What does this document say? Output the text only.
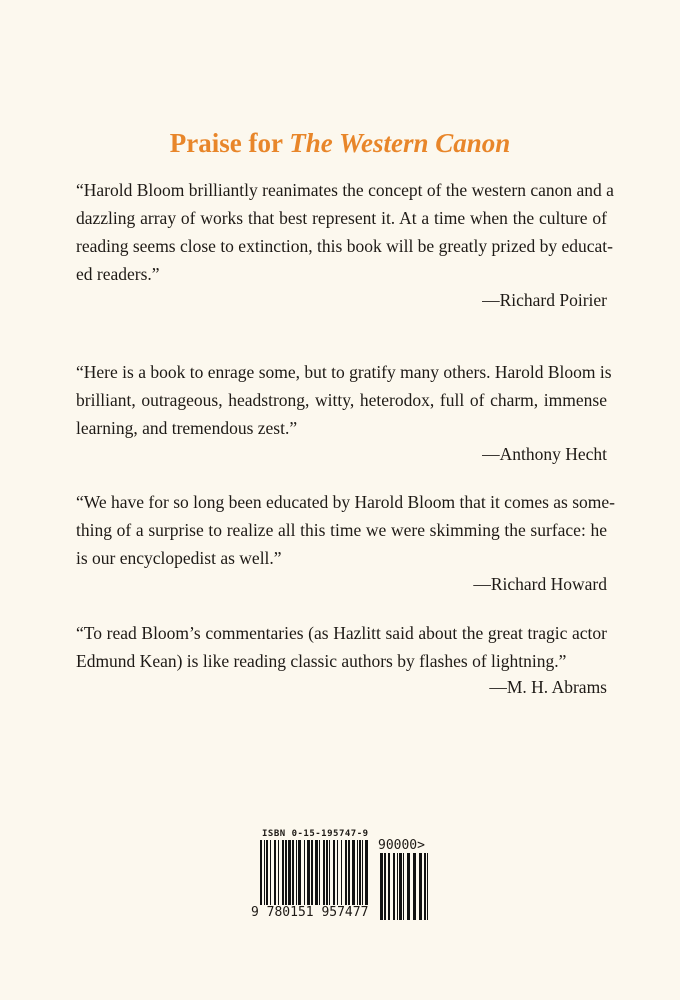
Praise for The Western Canon
“Harold Bloom brilliantly reanimates the concept of the western canon and a
dazzling array of works that best represent it. At a time when the culture of
reading seems close to extinction, this book will be greatly prized by educat-
ed readers.”
—Richard Poirier
“Here is a book to enrage some, but to gratify many others. Harold Bloom is
brilliant, outrageous, headstrong, witty, heterodox, full of charm, immense
learning, and tremendous zest.”
—Anthony Hecht
“We have for so long been educated by Harold Bloom that it comes as some-
thing of a surprise to realize all this time we were skimming the surface: he
is our encyclopedist as well.”
—Richard Howard
“To read Bloom’s commentaries (as Hazlitt said about the great tragic actor
Edmund Kean) is like reading classic authors by flashes of lightning.”
—M. H. Abrams
ISBN 0-15-195747-9
90000>
9 780151 957477
